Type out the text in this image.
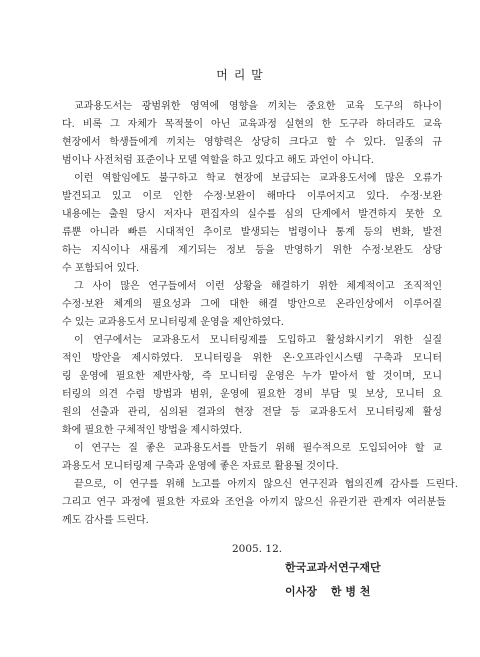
머 리 말
교과용도서는 광범위한 영역에 영향을 끼치는 중요한 교육 도구의 하나이
다. 비록 그 자체가 목적물이 아닌 교육과정 실현의 한 도구라 하더라도 교육
현장에서 학생들에게 끼치는 영향력은 상당히 크다고 할 수 있다. 일종의 규
범이나 사전처럼 표준이나 모델 역할을 하고 있다고 해도 과언이 아니다.
이런 역할임에도 불구하고 학교 현장에 보급되는 교과용도서에 많은 오류가
발견되고 있고 이로 인한 수정·보완이 해마다 이루어지고 있다. 수정·보완
내용에는 출원 당시 저자나 편집자의 실수를 심의 단계에서 발견하지 못한 오
류뿐 아니라 빠른 시대적인 추이로 발생되는 법령이나 통계 등의 변화, 발전
하는 지식이나 새롭게 제기되는 정보 등을 반영하기 위한 수정·보완도 상당
수 포함되어 있다.
그 사이 많은 연구들에서 이런 상황을 해결하기 위한 체계적이고 조직적인
수정·보완 체계의 필요성과 그에 대한 해결 방안으로 온라인상에서 이루어질
수 있는 교과용도서 모니터링제 운영을 제안하였다.
이 연구에서는 교과용도서 모니터링제를 도입하고 활성화시키기 위한 실질
적인 방안을 제시하였다. 모니터링을 위한 온·오프라인시스템 구축과 모니터
링 운영에 필요한 제반사항, 즉 모니터링 운영은 누가 맡아서 할 것이며, 모니
터링의 의견 수렴 방법과 범위, 운영에 필요한 경비 부담 및 보상, 모니터 요
원의 선출과 관리, 심의된 결과의 현장 전달 등 교과용도서 모니터링제 활성
화에 필요한 구체적인 방법을 제시하였다.
이 연구는 질 좋은 교과용도서를 만들기 위해 필수적으로 도입되어야 할 교
과용도서 모니터링제 구축과 운영에 좋은 자료로 활용될 것이다.
끝으로, 이 연구를 위해 노고를 아끼지 않으신 연구진과 협의진께 감사를 드린다.
그리고 연구 과정에 필요한 자료와 조언을 아끼지 않으신 유관기관 관계자 여러분들
께도 감사를 드린다.
2005. 12.
한국교과서연구재단
이사장 한 병 천
